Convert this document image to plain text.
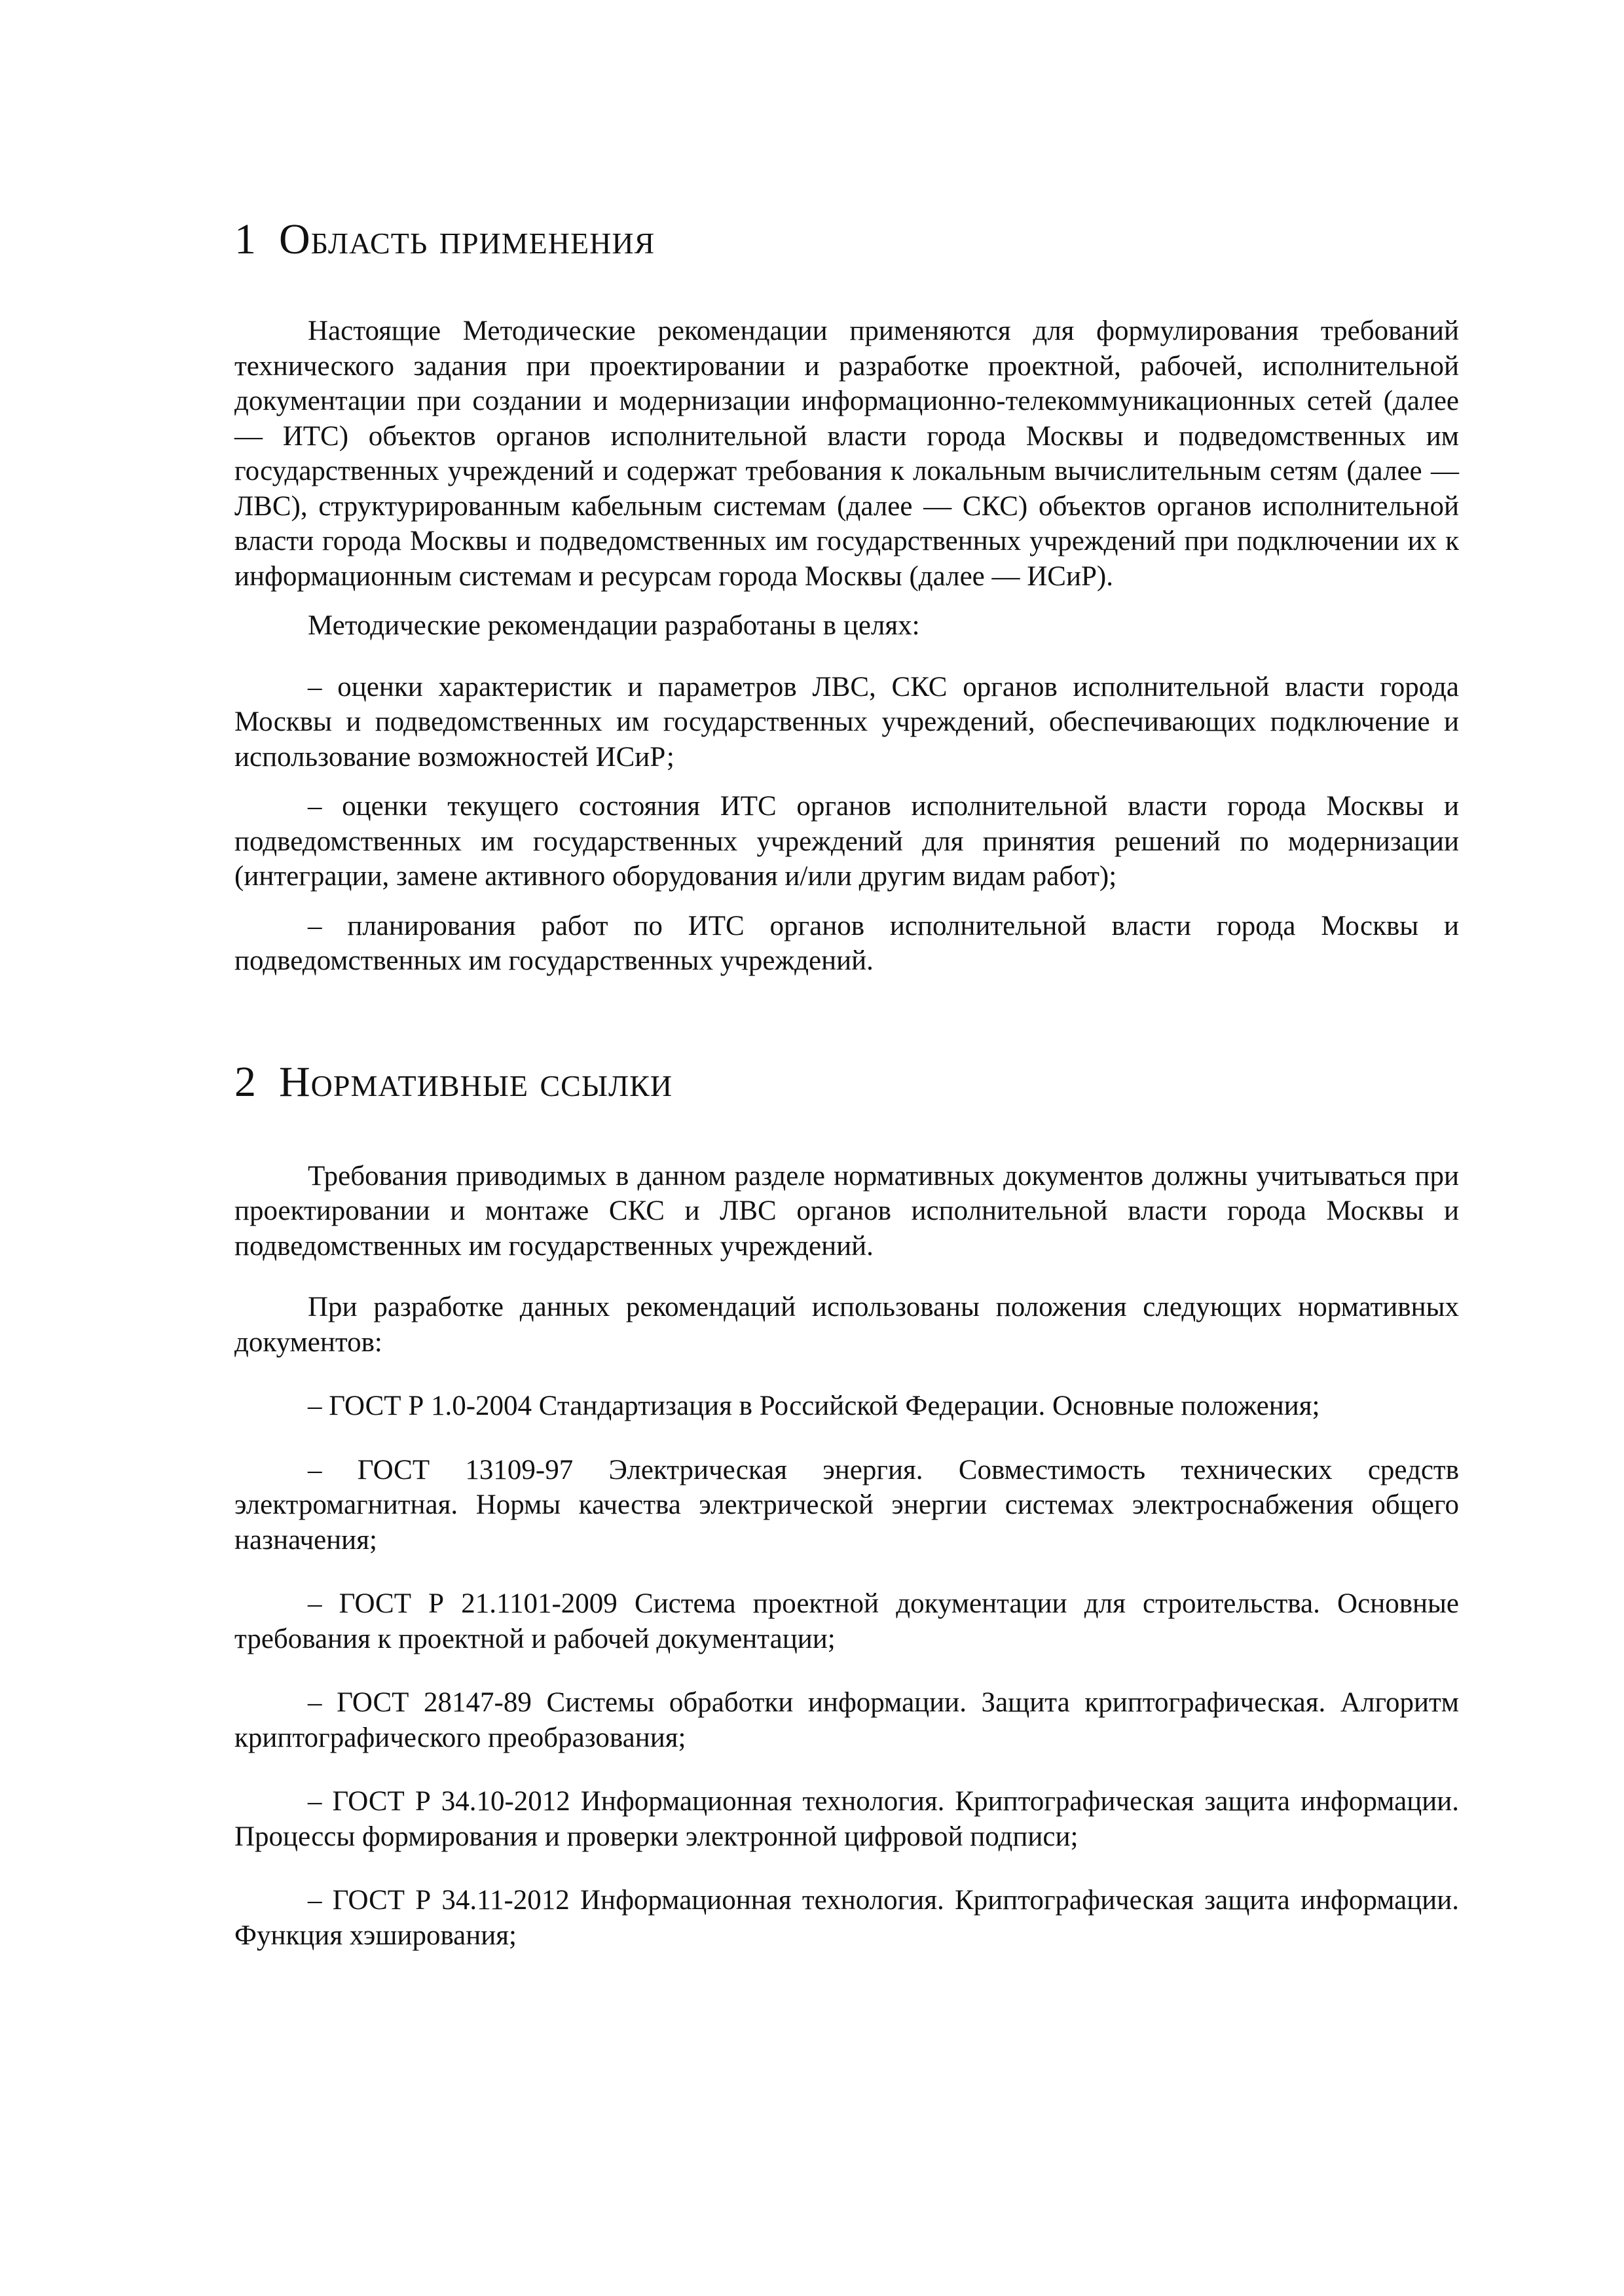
1 Область применения

Настоящие Методические рекомендации применяются для формулирования требований технического задания при проектировании и разработке проектной, рабочей, исполнительной документации при создании и модернизации информационно-телекоммуникационных сетей (далее — ИТС) объектов органов исполнительной власти города Москвы и подведомственных им государственных учреждений и содержат требования к локальным вычислительным сетям (далее — ЛВС), структурированным кабельным системам (далее — СКС) объектов органов исполнительной власти города Москвы и подведомственных им государственных учреждений при подключении их к информационным системам и ресурсам города Москвы (далее — ИСиР).

Методические рекомендации разработаны в целях:

– оценки характеристик и параметров ЛВС, СКС органов исполнительной власти города Москвы и подведомственных им государственных учреждений, обеспечивающих подключение и использование возможностей ИСиР;

– оценки текущего состояния ИТС органов исполнительной власти города Москвы и подведомственных им государственных учреждений для принятия решений по модернизации (интеграции, замене активного оборудования и/или другим видам работ);

– планирования работ по ИТС органов исполнительной власти города Москвы и подведомственных им государственных учреждений.

2 Нормативные ссылки

Требования приводимых в данном разделе нормативных документов должны учитываться при проектировании и монтаже СКС и ЛВС органов исполнительной власти города Москвы и подведомственных им государственных учреждений.

При разработке данных рекомендаций использованы положения следующих нормативных документов:

– ГОСТ Р 1.0-2004 Стандартизация в Российской Федерации. Основные положения;

– ГОСТ 13109-97 Электрическая энергия. Совместимость технических средств электромагнитная. Нормы качества электрической энергии системах электроснабжения общего назначения;

– ГОСТ Р 21.1101-2009 Система проектной документации для строительства. Основные требования к проектной и рабочей документации;

– ГОСТ 28147-89 Системы обработки информации. Защита криптографическая. Алгоритм криптографического преобразования;

– ГОСТ Р 34.10-2012 Информационная технология. Криптографическая защита информации. Процессы формирования и проверки электронной цифровой подписи;

– ГОСТ Р 34.11-2012 Информационная технология. Криптографическая защита информации. Функция хэширования;
